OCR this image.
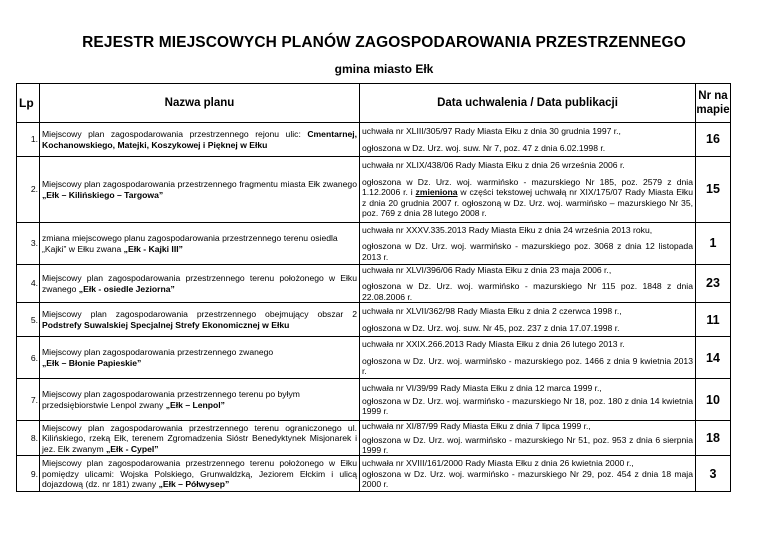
REJESTR MIEJSCOWYCH PLANÓW ZAGOSPODAROWANIA PRZESTRZENNEGO
gmina miasto Ełk
Lp	Nazwa planu	Data uchwalenia / Data publikacji	Nr na
mapie
1.	Miejscowy plan zagospodarowania przestrzennego rejonu ulic: Cmentarnej, Kochanowskiego, Matejki, Koszykowej i Pięknej w Ełku	uchwała nr XLIII/305/97 Rady Miasta Ełku z dnia 30 grudnia 1997 r.,
ogłoszona w Dz. Urz. woj. suw. Nr 7, poz. 47 z dnia 6.02.1998 r.	16
2.	Miejscowy plan zagospodarowania przestrzennego fragmentu miasta Ełk zwanego „Ełk – Kilińskiego – Targowa”	uchwała nr XLIX/438/06 Rady Miasta Ełku z dnia 26 września 2006 r.
ogłoszona w Dz. Urz. woj. warmińsko - mazurskiego Nr 185, poz. 2579 z dnia 1.12.2006 r. i zmieniona w części tekstowej uchwałą nr XIX/175/07 Rady Miasta Ełku z dnia 20 grudnia 2007 r. ogłoszoną w Dz. Urz. woj. warmińsko – mazurskiego Nr 35, poz. 769 z dnia 28 lutego 2008 r.	15
3.	zmiana miejscowego planu zagospodarowania przestrzennego terenu osiedla „Kajki” w Ełku zwana „Ełk - Kajki III”	uchwała nr XXXV.335.2013 Rady Miasta Ełku z dnia 24 września 2013 roku,
ogłoszona w Dz. Urz. woj. warmińsko - mazurskiego poz. 3068 z dnia 12 listopada 2013 r.	1
4.	Miejscowy plan zagospodarowania przestrzennego terenu położonego w Ełku zwanego „Ełk - osiedle Jeziorna”	uchwała nr XLVI/396/06 Rady Miasta Ełku z dnia 23 maja 2006 r.,
ogłoszona w Dz. Urz. woj. warmińsko - mazurskiego Nr 115 poz. 1848 z dnia 22.08.2006 r.	23
5.	Miejscowy plan zagospodarowania przestrzennego obejmujący obszar 2 Podstrefy Suwalskiej Specjalnej Strefy Ekonomicznej w Ełku	uchwała nr XLVII/362/98 Rady Miasta Ełku z dnia 2 czerwca 1998 r.,
ogłoszona w Dz. Urz. woj. suw. Nr 45, poz. 237 z dnia 17.07.1998 r.	11
6.	Miejscowy plan zagospodarowania przestrzennego zwanego
„Ełk – Błonie Papieskie”	uchwała nr XXIX.266.2013 Rady Miasta Ełku z dnia 26 lutego 2013 r.
ogłoszona w Dz. Urz. woj. warmińsko - mazurskiego poz. 1466 z dnia 9 kwietnia 2013 r.	14
7.	Miejscowy plan zagospodarowania przestrzennego terenu po byłym przedsiębiorstwie Lenpol zwany „Ełk – Lenpol”	uchwała nr VI/39/99 Rady Miasta Ełku z dnia 12 marca 1999 r.,
ogłoszona w Dz. Urz. woj. warmińsko - mazurskiego Nr 18, poz. 180 z dnia 14 kwietnia 1999 r.	10
8.	Miejscowy plan zagospodarowania przestrzennego terenu ograniczonego ul. Kilińskiego, rzeką Ełk, terenem Zgromadzenia Sióstr Benedyktynek Misjonarek i jez. Ełk zwanym „Ełk - Cypel”	uchwała nr XI/87/99 Rady Miasta Ełku z dnia 7 lipca 1999 r.,
ogłoszona w Dz. Urz. woj. warmińsko - mazurskiego Nr 51, poz. 953 z dnia 6 sierpnia 1999 r.	18
9.	Miejscowy plan zagospodarowania przestrzennego terenu położonego w Ełku pomiędzy ulicami: Wojska Polskiego, Grunwaldzką, Jeziorem Ełckim i ulicą dojazdową (dz. nr 181) zwany „Ełk – Półwysep”	uchwała nr XVIII/161/2000 Rady Miasta Ełku z dnia 26 kwietnia 2000 r.,
ogłoszona w Dz. Urz. woj. warmińsko - mazurskiego Nr 29, poz. 454 z dnia 18 maja 2000 r.	3
